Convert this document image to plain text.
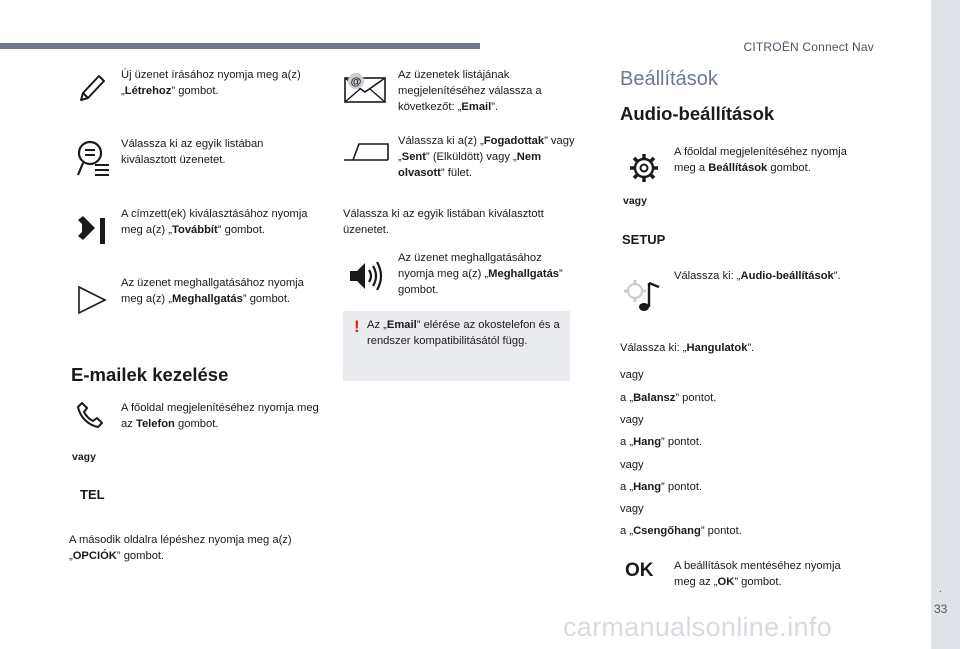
CITROËN Connect Nav
.
33
Új üzenet írásához nyomja meg a(z) „Létrehoz” gombot.
Válassza ki az egyik listában kiválasztott üzenetet.
A címzett(ek) kiválasztásához nyomja meg a(z) „Továbbít” gombot.
Az üzenet meghallgatásához nyomja meg a(z) „Meghallgatás” gombot.
E-mailek kezelése
A főoldal megjelenítéséhez nyomja meg az Telefon gombot.
vagy
TEL
A második oldalra lépéshez nyomja meg a(z) „OPCIÓK” gombot.
@
Az üzenetek listájának megjelenítéséhez válassza a következőt: „Email”.
Válassza ki a(z) „Fogadottak” vagy „Sent” (Elküldött) vagy „Nem olvasott” fület.
Válassza ki az egyik listában kiválasztott üzenetet.
Az üzenet meghallgatásához nyomja meg a(z) „Meghallgatás” gombot.
! Az „Email” elérése az okostelefon és a rendszer kompatibilitásától függ.
Beállítások
Audio-beállítások
A főoldal megjelenítéséhez nyomja meg a Beállítások gombot.
vagy
SETUP
Válassza ki: „Audio-beállítások”.
Válassza ki: „Hangulatok”.
vagy
a „Balansz” pontot.
vagy
a „Hang” pontot.
vagy
a „Hang” pontot.
vagy
a „Csengőhang” pontot.
OK A beállítások mentéséhez nyomja meg az „OK” gombot.
carmanualsonline.info
